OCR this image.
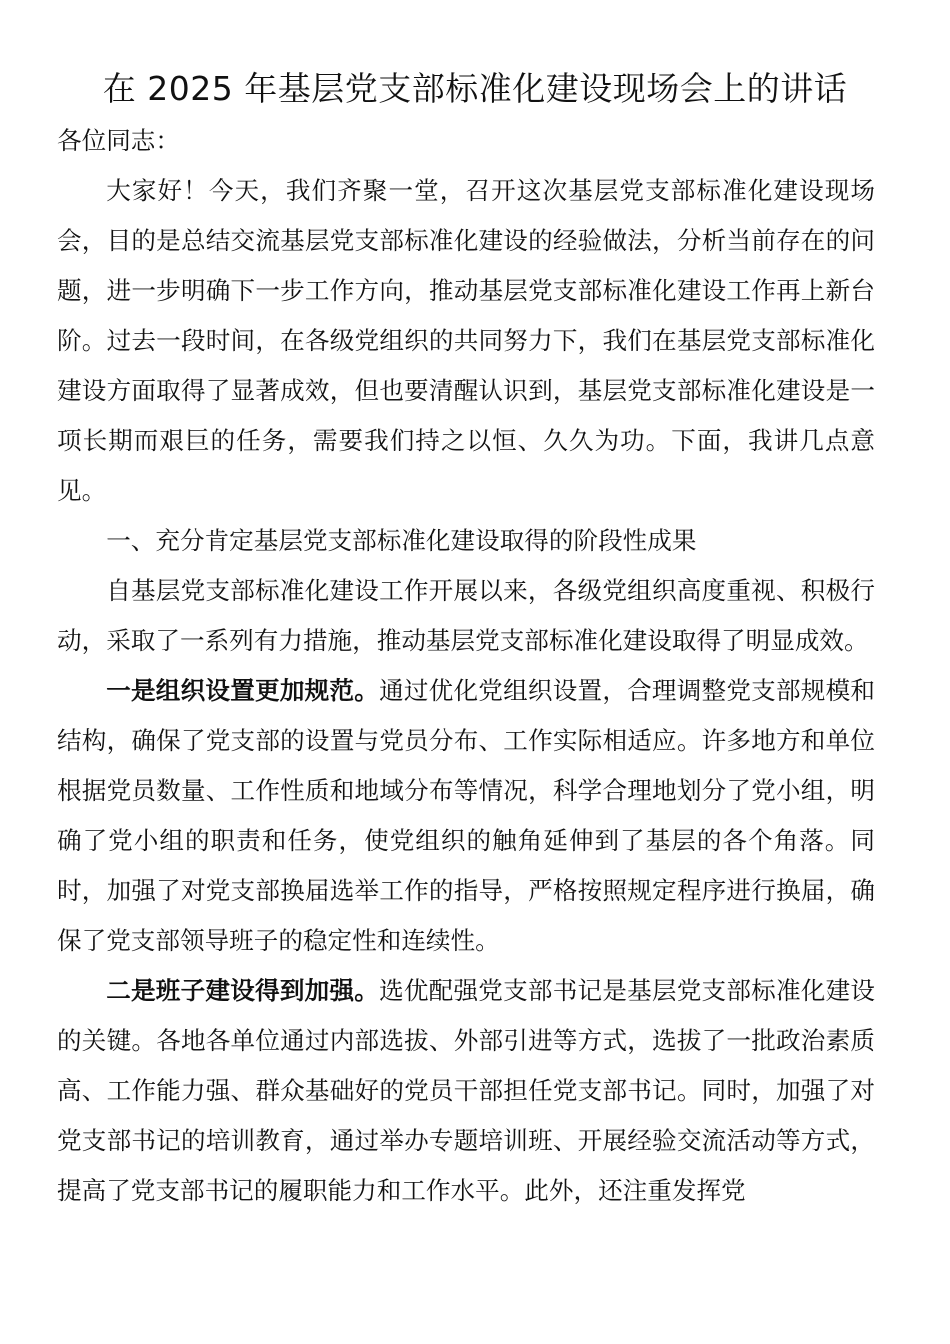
在 2025 年基层党支部标准化建设现场会上的讲话

各位同志：

大家好！今天，我们齐聚一堂，召开这次基层党支部标准化建设现场会，目的是总结交流基层党支部标准化建设的经验做法，分析当前存在的问题，进一步明确下一步工作方向，推动基层党支部标准化建设工作再上新台阶。过去一段时间，在各级党组织的共同努力下，我们在基层党支部标准化建设方面取得了显著成效，但也要清醒认识到，基层党支部标准化建设是一项长期而艰巨的任务，需要我们持之以恒、久久为功。下面，我讲几点意见。

一、充分肯定基层党支部标准化建设取得的阶段性成果

自基层党支部标准化建设工作开展以来，各级党组织高度重视、积极行动，采取了一系列有力措施，推动基层党支部标准化建设取得了明显成效。

一是组织设置更加规范。通过优化党组织设置，合理调整党支部规模和结构，确保了党支部的设置与党员分布、工作实际相适应。许多地方和单位根据党员数量、工作性质和地域分布等情况，科学合理地划分了党小组，明确了党小组的职责和任务，使党组织的触角延伸到了基层的各个角落。同时，加强了对党支部换届选举工作的指导，严格按照规定程序进行换届，确保了党支部领导班子的稳定性和连续性。

二是班子建设得到加强。选优配强党支部书记是基层党支部标准化建设的关键。各地各单位通过内部选拔、外部引进等方式，选拔了一批政治素质高、工作能力强、群众基础好的党员干部担任党支部书记。同时，加强了对党支部书记的培训教育，通过举办专题培训班、开展经验交流活动等方式，提高了党支部书记的履职能力和工作水平。此外，还注重发挥党
